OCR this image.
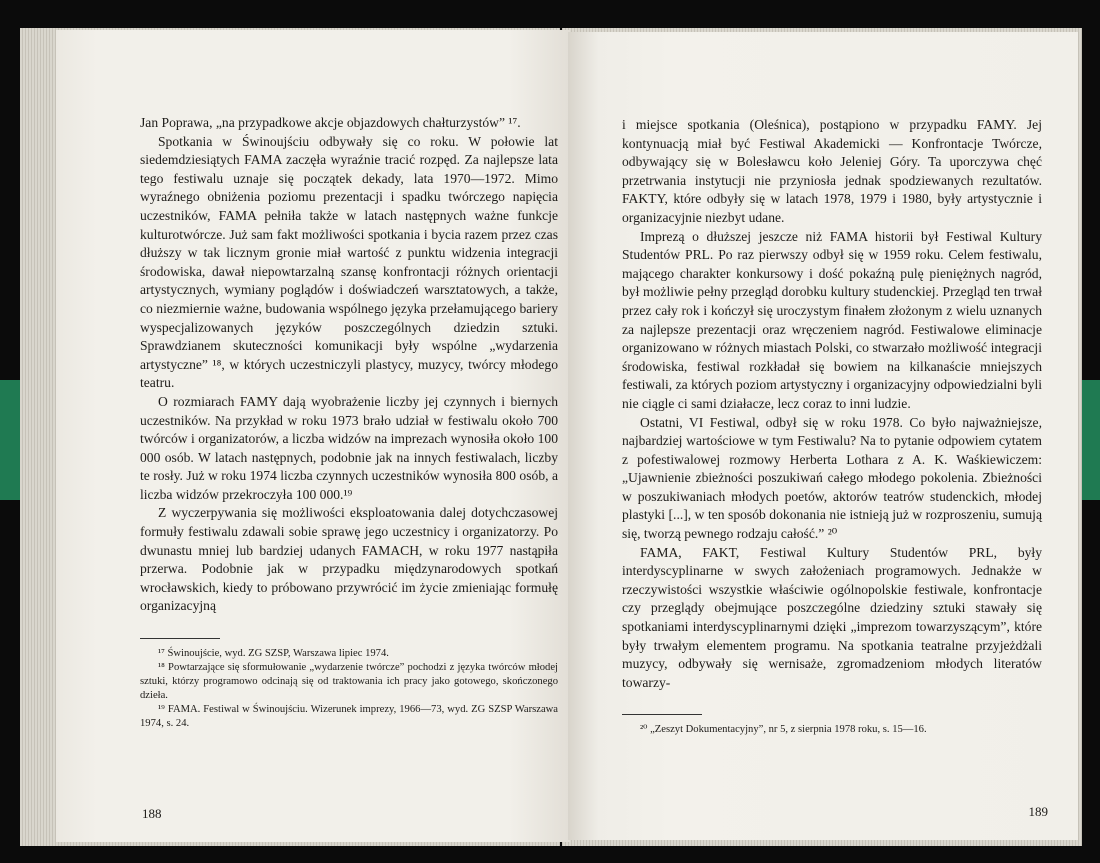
Jan Poprawa, „na przypadkowe akcje objazdowych chałturzystów” ¹⁷.

Spotkania w Świnoujściu odbywały się co roku. W połowie lat siedemdziesiątych FAMA zaczęła wyraźnie tracić rozpęd. Za najlepsze lata tego festiwalu uznaje się początek dekady, lata 1970—1972. Mimo wyraźnego obniżenia poziomu prezentacji i spadku twórczego napięcia uczestników, FAMA pełniła także w latach następnych ważne funkcje kulturotwórcze. Już sam fakt możliwości spotkania i bycia razem przez czas dłuższy w tak licznym gronie miał wartość z punktu widzenia integracji środowiska, dawał niepowtarzalną szansę konfrontacji różnych orientacji artystycznych, wymiany poglądów i doświadczeń warsztatowych, a także, co niezmiernie ważne, budowania wspólnego języka przełamującego bariery wyspecjalizowanych języków poszczególnych dziedzin sztuki. Sprawdzianem skuteczności komunikacji były wspólne „wydarzenia artystyczne” ¹⁸, w których uczestniczyli plastycy, muzycy, twórcy młodego teatru.

O rozmiarach FAMY dają wyobrażenie liczby jej czynnych i biernych uczestników. Na przykład w roku 1973 brało udział w festiwalu około 700 twórców i organizatorów, a liczba widzów na imprezach wynosiła około 100 000 osób. W latach następnych, podobnie jak na innych festiwalach, liczby te rosły. Już w roku 1974 liczba czynnych uczestników wynosiła 800 osób, a liczba widzów przekroczyła 100 000.¹⁹

Z wyczerpywania się możliwości eksploatowania dalej dotychczasowej formuły festiwalu zdawali sobie sprawę jego uczestnicy i organizatorzy. Po dwunastu mniej lub bardziej udanych FAMACH, w roku 1977 nastąpiła przerwa. Podobnie jak w przypadku międzynarodowych spotkań wrocławskich, kiedy to próbowano przywrócić im życie zmieniając formułę organizacyjną

¹⁷ Świnoujście, wyd. ZG SZSP, Warszawa lipiec 1974.

¹⁸ Powtarzające się sformułowanie „wydarzenie twórcze” pochodzi z języka twórców młodej sztuki, którzy programowo odcinają się od traktowania ich pracy jako gotowego, skończonego dzieła.

¹⁹ FAMA. Festiwal w Świnoujściu. Wizerunek imprezy, 1966—73, wyd. ZG SZSP Warszawa 1974, s. 24.

188

i miejsce spotkania (Oleśnica), postąpiono w przypadku FAMY. Jej kontynuacją miał być Festiwal Akademicki — Konfrontacje Twórcze, odbywający się w Bolesławcu koło Jeleniej Góry. Ta uporczywa chęć przetrwania instytucji nie przyniosła jednak spodziewanych rezultatów. FAKTY, które odbyły się w latach 1978, 1979 i 1980, były artystycznie i organizacyjnie niezbyt udane.

Imprezą o dłuższej jeszcze niż FAMA historii był Festiwal Kultury Studentów PRL. Po raz pierwszy odbył się w 1959 roku. Celem festiwalu, mającego charakter konkursowy i dość pokaźną pulę pieniężnych nagród, był możliwie pełny przegląd dorobku kultury studenckiej. Przegląd ten trwał przez cały rok i kończył się uroczystym finałem złożonym z wielu uznanych za najlepsze prezentacji oraz wręczeniem nagród. Festiwalowe eliminacje organizowano w różnych miastach Polski, co stwarzało możliwość integracji środowiska, festiwal rozkładał się bowiem na kilkanaście mniejszych festiwali, za których poziom artystyczny i organizacyjny odpowiedzialni byli nie ciągle ci sami działacze, lecz coraz to inni ludzie.

Ostatni, VI Festiwal, odbył się w roku 1978. Co było najważniejsze, najbardziej wartościowe w tym Festiwalu? Na to pytanie odpowiem cytatem z pofestiwalowej rozmowy Herberta Lothara z A. K. Waśkiewiczem: „Ujawnienie zbieżności poszukiwań całego młodego pokolenia. Zbieżności w poszukiwaniach młodych poetów, aktorów teatrów studenckich, młodej plastyki [...], w ten sposób dokonania nie istnieją już w rozproszeniu, sumują się, tworzą pewnego rodzaju całość.” ²⁰

FAMA, FAKT, Festiwal Kultury Studentów PRL, były interdyscyplinarne w swych założeniach programowych. Jednakże w rzeczywistości wszystkie właściwie ogólnopolskie festiwale, konfrontacje czy przeglądy obejmujące poszczególne dziedziny sztuki stawały się spotkaniami interdyscyplinarnymi dzięki „imprezom towarzyszącym”, które były trwałym elementem programu. Na spotkania teatralne przyjeżdżali muzycy, odbywały się wernisaże, zgromadzeniom młodych literatów towarzy-

²⁰ „Zeszyt Dokumentacyjny”, nr 5, z sierpnia 1978 roku, s. 15—16.

189
